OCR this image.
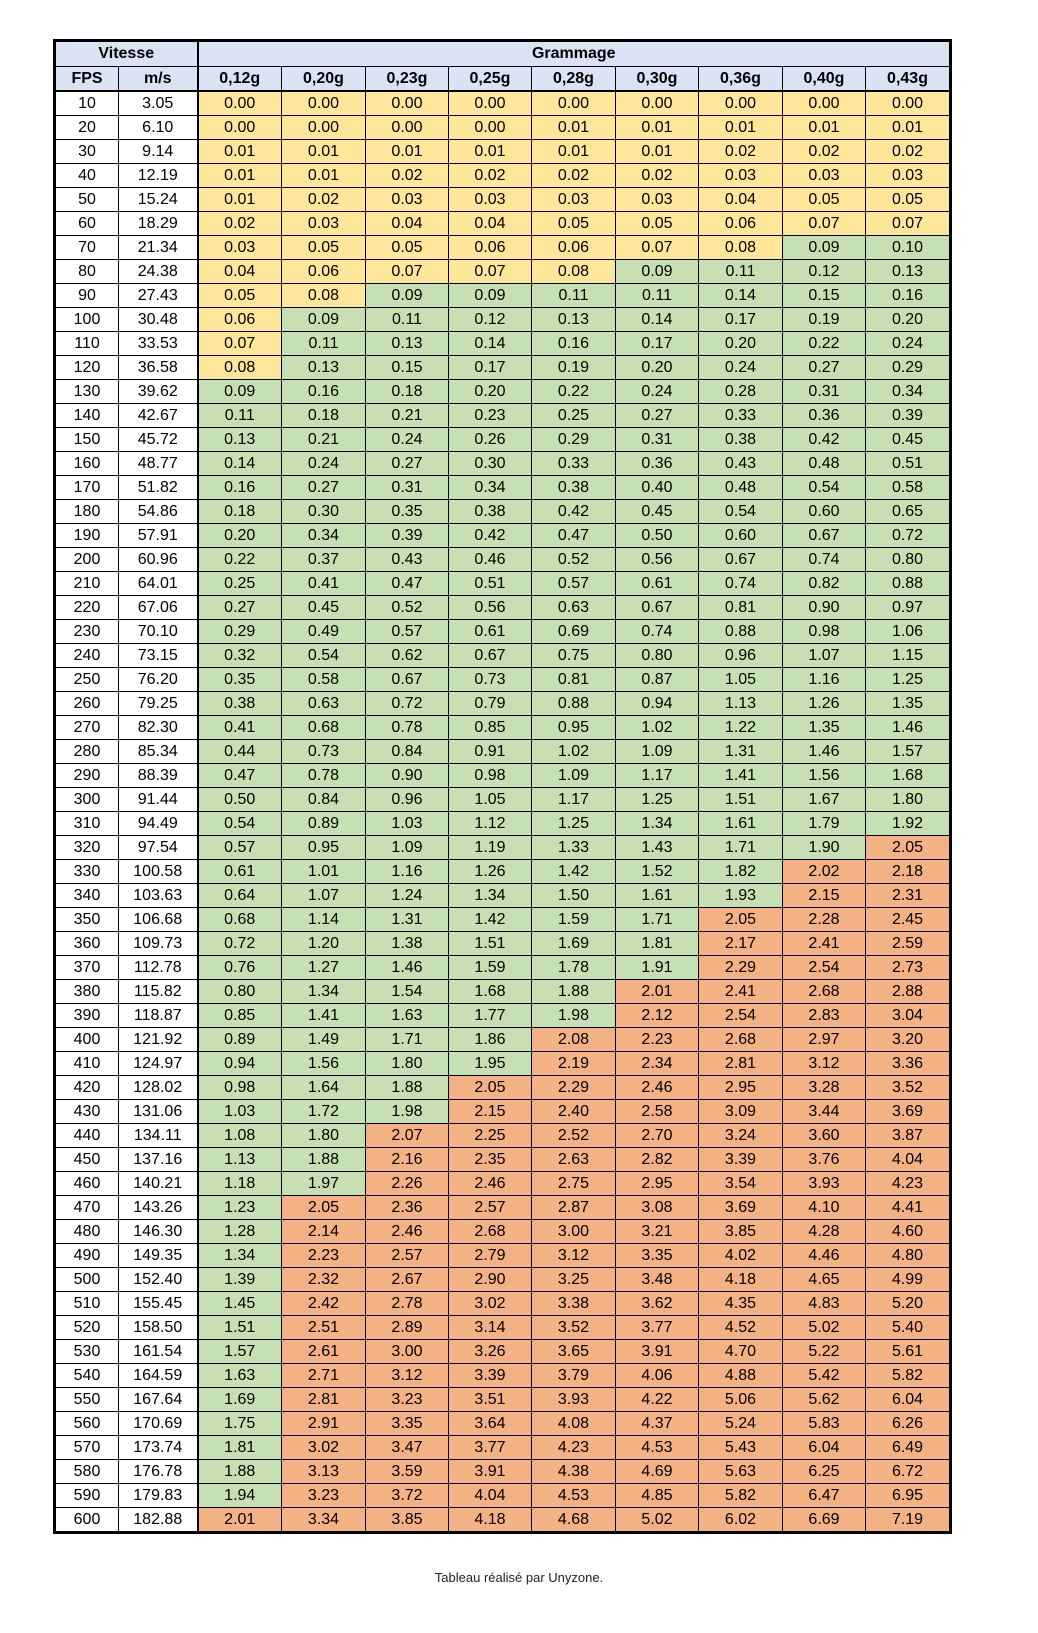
Vitesse		Grammage								
FPS	m/s	0,12g	0,20g	0,23g	0,25g	0,28g	0,30g	0,36g	0,40g	0,43g
10	3.05	0.00	0.00	0.00	0.00	0.00	0.00	0.00	0.00	0.00
20	6.10	0.00	0.00	0.00	0.00	0.01	0.01	0.01	0.01	0.01
30	9.14	0.01	0.01	0.01	0.01	0.01	0.01	0.02	0.02	0.02
40	12.19	0.01	0.01	0.02	0.02	0.02	0.02	0.03	0.03	0.03
50	15.24	0.01	0.02	0.03	0.03	0.03	0.03	0.04	0.05	0.05
60	18.29	0.02	0.03	0.04	0.04	0.05	0.05	0.06	0.07	0.07
70	21.34	0.03	0.05	0.05	0.06	0.06	0.07	0.08	0.09	0.10
80	24.38	0.04	0.06	0.07	0.07	0.08	0.09	0.11	0.12	0.13
90	27.43	0.05	0.08	0.09	0.09	0.11	0.11	0.14	0.15	0.16
100	30.48	0.06	0.09	0.11	0.12	0.13	0.14	0.17	0.19	0.20
110	33.53	0.07	0.11	0.13	0.14	0.16	0.17	0.20	0.22	0.24
120	36.58	0.08	0.13	0.15	0.17	0.19	0.20	0.24	0.27	0.29
130	39.62	0.09	0.16	0.18	0.20	0.22	0.24	0.28	0.31	0.34
140	42.67	0.11	0.18	0.21	0.23	0.25	0.27	0.33	0.36	0.39
150	45.72	0.13	0.21	0.24	0.26	0.29	0.31	0.38	0.42	0.45
160	48.77	0.14	0.24	0.27	0.30	0.33	0.36	0.43	0.48	0.51
170	51.82	0.16	0.27	0.31	0.34	0.38	0.40	0.48	0.54	0.58
180	54.86	0.18	0.30	0.35	0.38	0.42	0.45	0.54	0.60	0.65
190	57.91	0.20	0.34	0.39	0.42	0.47	0.50	0.60	0.67	0.72
200	60.96	0.22	0.37	0.43	0.46	0.52	0.56	0.67	0.74	0.80
210	64.01	0.25	0.41	0.47	0.51	0.57	0.61	0.74	0.82	0.88
220	67.06	0.27	0.45	0.52	0.56	0.63	0.67	0.81	0.90	0.97
230	70.10	0.29	0.49	0.57	0.61	0.69	0.74	0.88	0.98	1.06
240	73.15	0.32	0.54	0.62	0.67	0.75	0.80	0.96	1.07	1.15
250	76.20	0.35	0.58	0.67	0.73	0.81	0.87	1.05	1.16	1.25
260	79.25	0.38	0.63	0.72	0.79	0.88	0.94	1.13	1.26	1.35
270	82.30	0.41	0.68	0.78	0.85	0.95	1.02	1.22	1.35	1.46
280	85.34	0.44	0.73	0.84	0.91	1.02	1.09	1.31	1.46	1.57
290	88.39	0.47	0.78	0.90	0.98	1.09	1.17	1.41	1.56	1.68
300	91.44	0.50	0.84	0.96	1.05	1.17	1.25	1.51	1.67	1.80
310	94.49	0.54	0.89	1.03	1.12	1.25	1.34	1.61	1.79	1.92
320	97.54	0.57	0.95	1.09	1.19	1.33	1.43	1.71	1.90	2.05
330	100.58	0.61	1.01	1.16	1.26	1.42	1.52	1.82	2.02	2.18
340	103.63	0.64	1.07	1.24	1.34	1.50	1.61	1.93	2.15	2.31
350	106.68	0.68	1.14	1.31	1.42	1.59	1.71	2.05	2.28	2.45
360	109.73	0.72	1.20	1.38	1.51	1.69	1.81	2.17	2.41	2.59
370	112.78	0.76	1.27	1.46	1.59	1.78	1.91	2.29	2.54	2.73
380	115.82	0.80	1.34	1.54	1.68	1.88	2.01	2.41	2.68	2.88
390	118.87	0.85	1.41	1.63	1.77	1.98	2.12	2.54	2.83	3.04
400	121.92	0.89	1.49	1.71	1.86	2.08	2.23	2.68	2.97	3.20
410	124.97	0.94	1.56	1.80	1.95	2.19	2.34	2.81	3.12	3.36
420	128.02	0.98	1.64	1.88	2.05	2.29	2.46	2.95	3.28	3.52
430	131.06	1.03	1.72	1.98	2.15	2.40	2.58	3.09	3.44	3.69
440	134.11	1.08	1.80	2.07	2.25	2.52	2.70	3.24	3.60	3.87
450	137.16	1.13	1.88	2.16	2.35	2.63	2.82	3.39	3.76	4.04
460	140.21	1.18	1.97	2.26	2.46	2.75	2.95	3.54	3.93	4.23
470	143.26	1.23	2.05	2.36	2.57	2.87	3.08	3.69	4.10	4.41
480	146.30	1.28	2.14	2.46	2.68	3.00	3.21	3.85	4.28	4.60
490	149.35	1.34	2.23	2.57	2.79	3.12	3.35	4.02	4.46	4.80
500	152.40	1.39	2.32	2.67	2.90	3.25	3.48	4.18	4.65	4.99
510	155.45	1.45	2.42	2.78	3.02	3.38	3.62	4.35	4.83	5.20
520	158.50	1.51	2.51	2.89	3.14	3.52	3.77	4.52	5.02	5.40
530	161.54	1.57	2.61	3.00	3.26	3.65	3.91	4.70	5.22	5.61
540	164.59	1.63	2.71	3.12	3.39	3.79	4.06	4.88	5.42	5.82
550	167.64	1.69	2.81	3.23	3.51	3.93	4.22	5.06	5.62	6.04
560	170.69	1.75	2.91	3.35	3.64	4.08	4.37	5.24	5.83	6.26
570	173.74	1.81	3.02	3.47	3.77	4.23	4.53	5.43	6.04	6.49
580	176.78	1.88	3.13	3.59	3.91	4.38	4.69	5.63	6.25	6.72
590	179.83	1.94	3.23	3.72	4.04	4.53	4.85	5.82	6.47	6.95
600	182.88	2.01	3.34	3.85	4.18	4.68	5.02	6.02	6.69	7.19
Tableau réalisé par Unyzone.
